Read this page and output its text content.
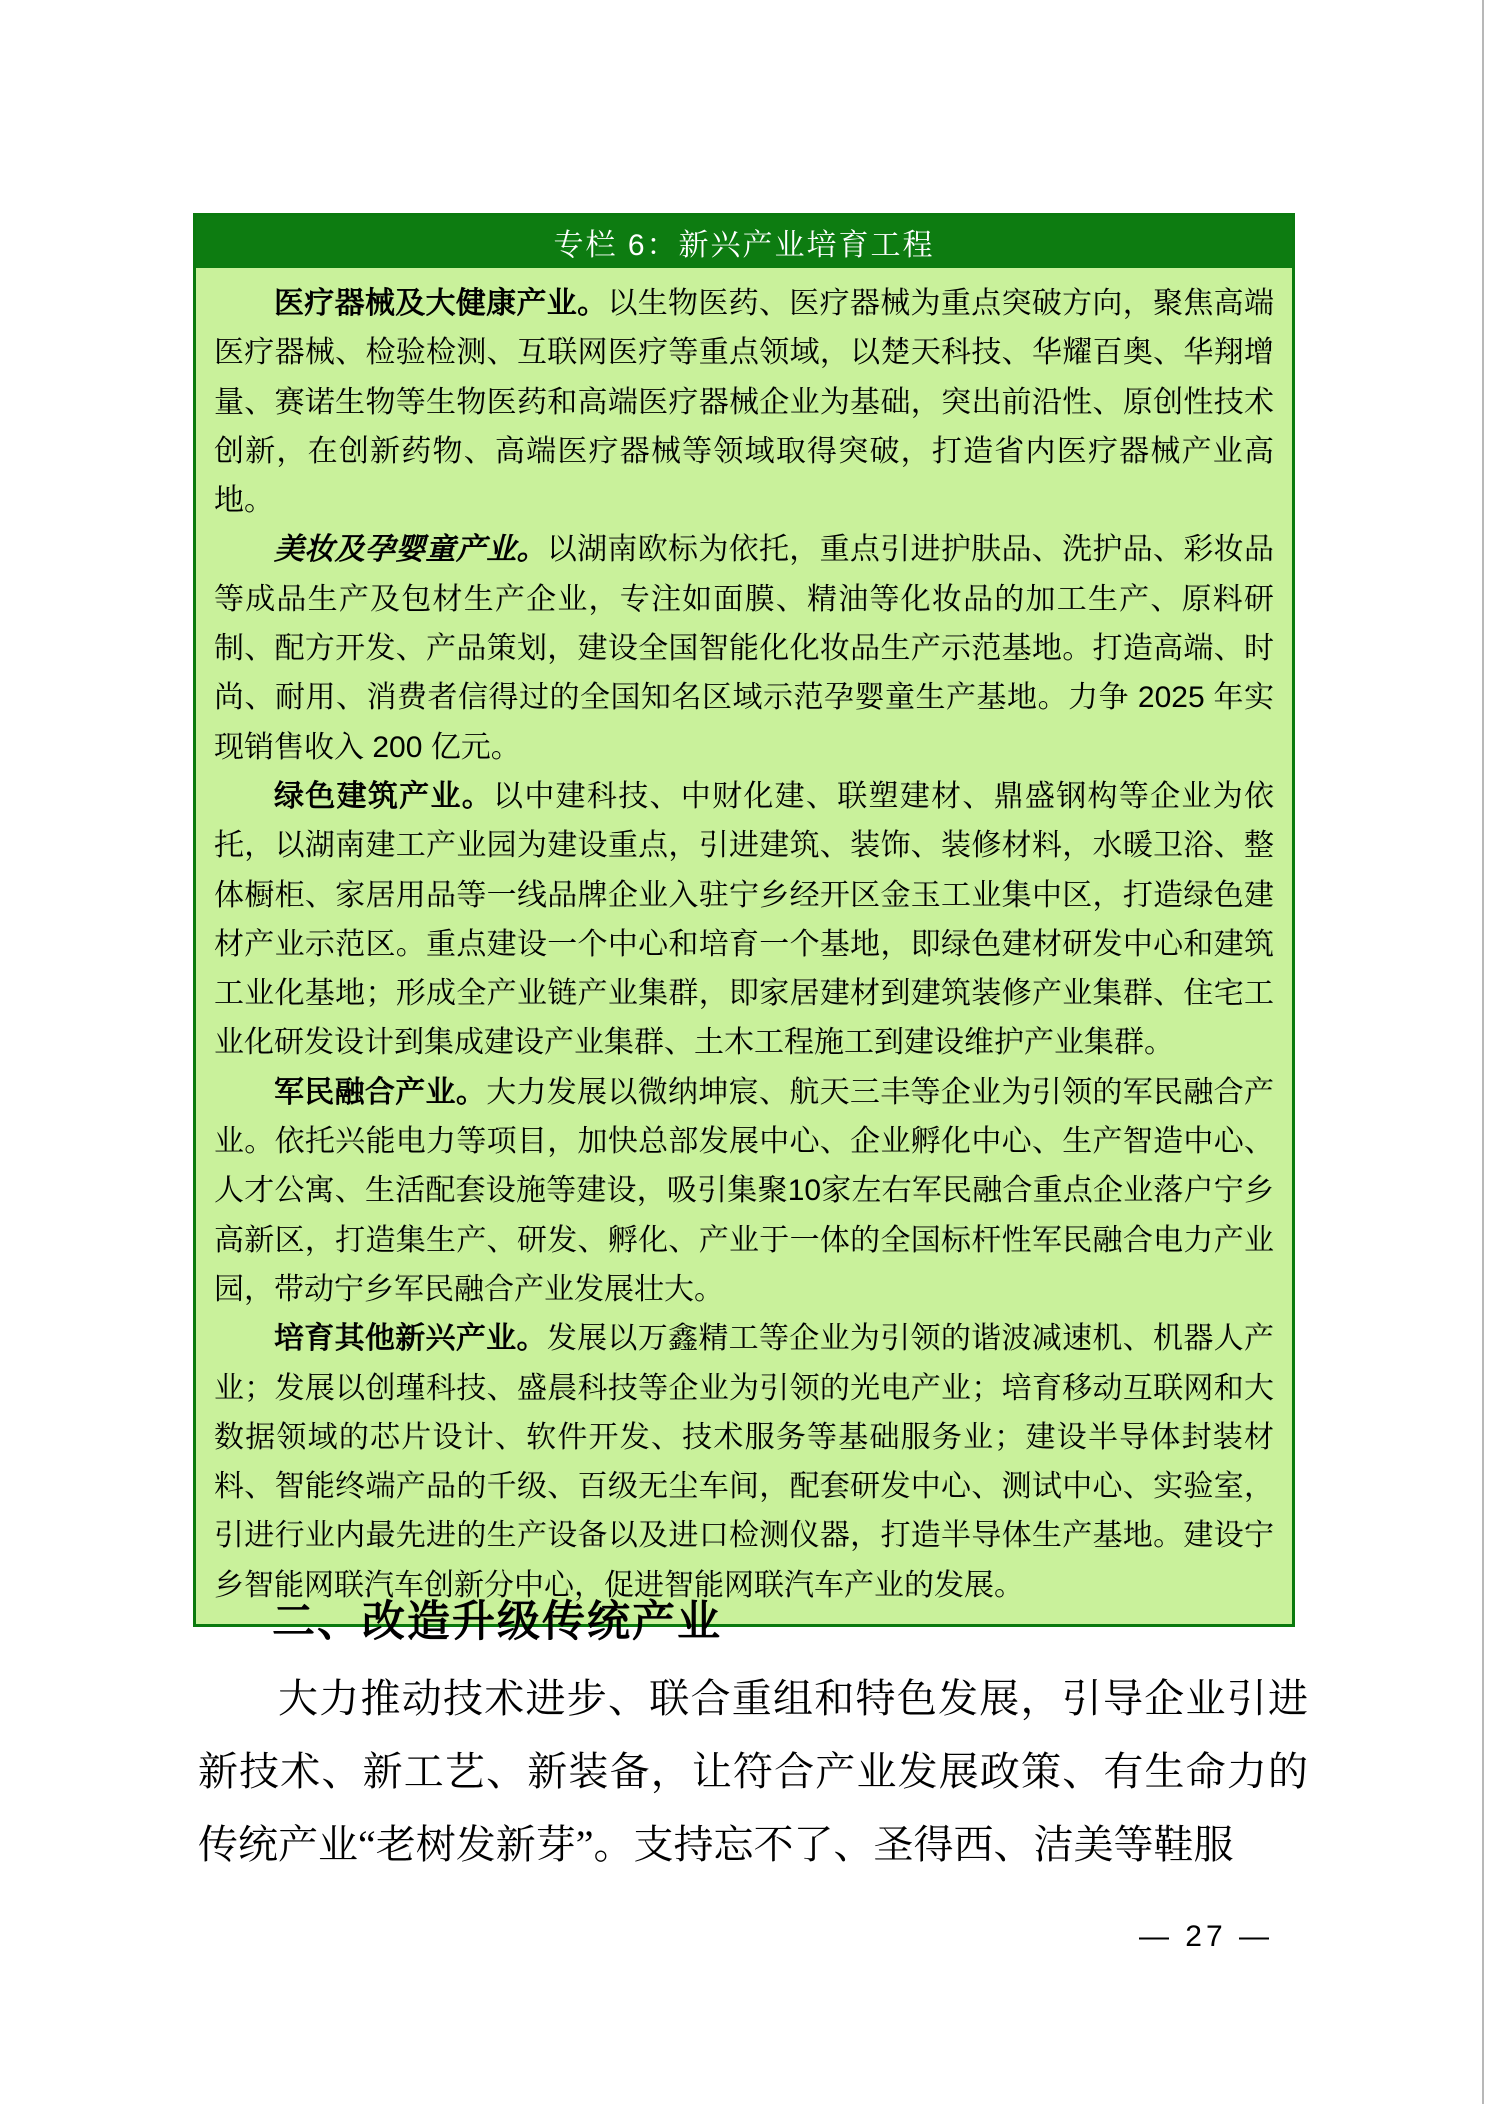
专栏 6：新兴产业培育工程

医疗器械及大健康产业。以生物医药、医疗器械为重点突破方向，聚焦高端医疗器械、检验检测、互联网医疗等重点领域，以楚天科技、华耀百奥、华翔增量、赛诺生物等生物医药和高端医疗器械企业为基础，突出前沿性、原创性技术创新，在创新药物、高端医疗器械等领域取得突破，打造省内医疗器械产业高地。

美妆及孕婴童产业。以湖南欧标为依托，重点引进护肤品、洗护品、彩妆品等成品生产及包材生产企业，专注如面膜、精油等化妆品的加工生产、原料研制、配方开发、产品策划，建设全国智能化化妆品生产示范基地。打造高端、时尚、耐用、消费者信得过的全国知名区域示范孕婴童生产基地。力争 2025 年实现销售收入 200 亿元。

绿色建筑产业。以中建科技、中财化建、联塑建材、鼎盛钢构等企业为依托，以湖南建工产业园为建设重点，引进建筑、装饰、装修材料，水暖卫浴、整体橱柜、家居用品等一线品牌企业入驻宁乡经开区金玉工业集中区，打造绿色建材产业示范区。重点建设一个中心和培育一个基地，即绿色建材研发中心和建筑工业化基地；形成全产业链产业集群，即家居建材到建筑装修产业集群、住宅工业化研发设计到集成建设产业集群、土木工程施工到建设维护产业集群。

军民融合产业。大力发展以微纳坤宸、航天三丰等企业为引领的军民融合产业。依托兴能电力等项目，加快总部发展中心、企业孵化中心、生产智造中心、人才公寓、生活配套设施等建设，吸引集聚10家左右军民融合重点企业落户宁乡高新区，打造集生产、研发、孵化、产业于一体的全国标杆性军民融合电力产业园，带动宁乡军民融合产业发展壮大。

培育其他新兴产业。发展以万鑫精工等企业为引领的谐波减速机、机器人产业；发展以创瑾科技、盛晨科技等企业为引领的光电产业；培育移动互联网和大数据领域的芯片设计、软件开发、技术服务等基础服务业；建设半导体封装材料、智能终端产品的千级、百级无尘车间，配套研发中心、测试中心、实验室，引进行业内最先进的生产设备以及进口检测仪器，打造半导体生产基地。建设宁乡智能网联汽车创新分中心，促进智能网联汽车产业的发展。

二、改造升级传统产业

大力推动技术进步、联合重组和特色发展，引导企业引进新技术、新工艺、新装备，让符合产业发展政策、有生命力的传统产业“老树发新芽”。支持忘不了、圣得西、洁美等鞋服

— 27 —
